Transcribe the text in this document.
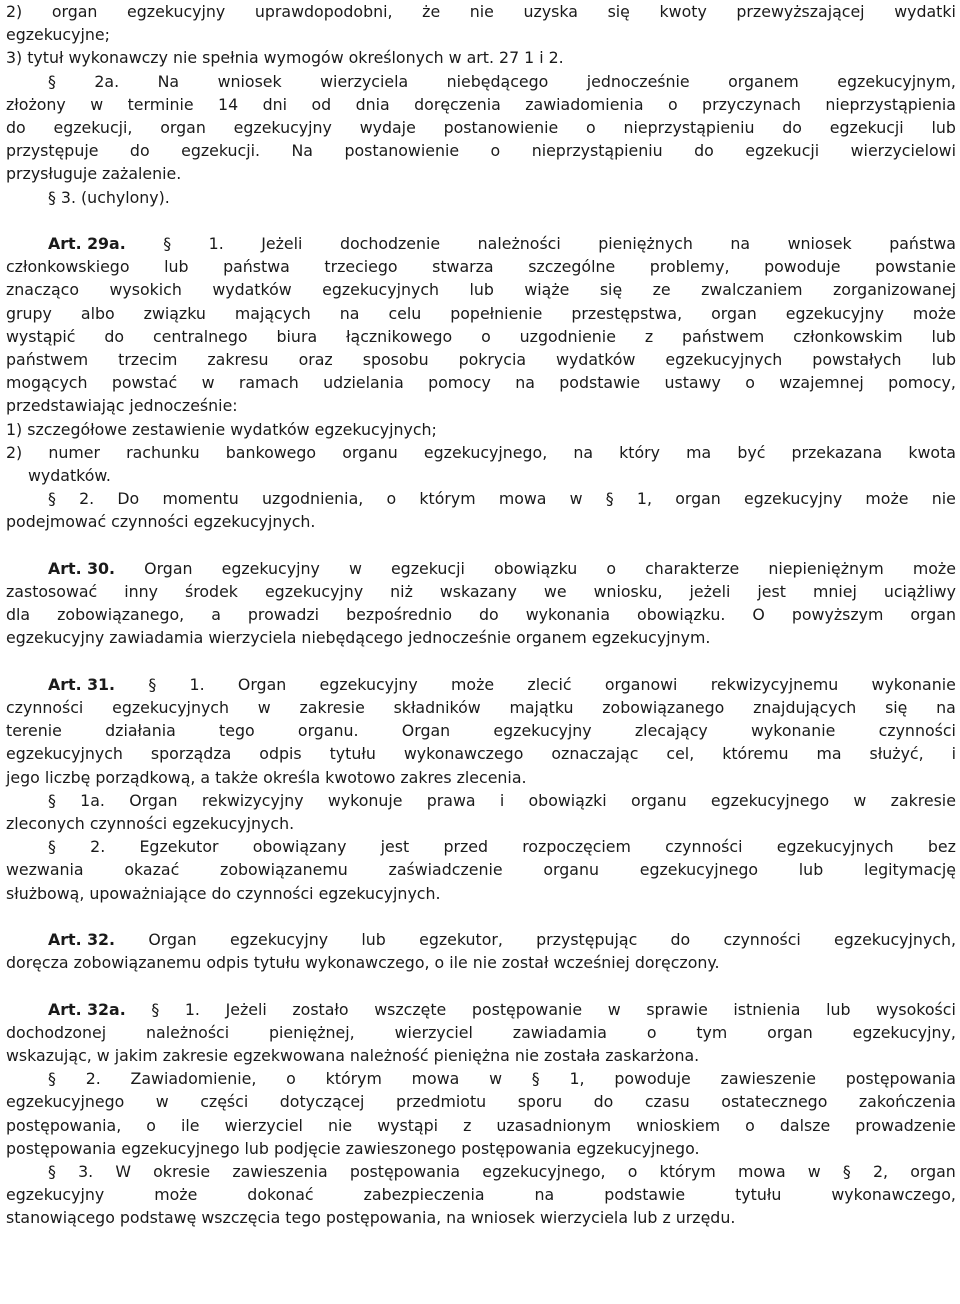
2) organ egzekucyjny uprawdopodobni, że nie uzyska się kwoty przewyższającej wydatki
egzekucyjne;
3) tytuł wykonawczy nie spełnia wymogów określonych w art. 27 1 i 2.
§ 2a. Na wniosek wierzyciela niebędącego jednocześnie organem egzekucyjnym,
złożony w terminie 14 dni od dnia doręczenia zawiadomienia o przyczynach nieprzystąpienia
do egzekucji, organ egzekucyjny wydaje postanowienie o nieprzystąpieniu do egzekucji lub
przystępuje do egzekucji. Na postanowienie o nieprzystąpieniu do egzekucji wierzycielowi
przysługuje zażalenie.
§ 3. (uchylony).
Art. 29a. § 1. Jeżeli dochodzenie należności pieniężnych na wniosek państwa
członkowskiego lub państwa trzeciego stwarza szczególne problemy, powoduje powstanie
znacząco wysokich wydatków egzekucyjnych lub wiąże się ze zwalczaniem zorganizowanej
grupy albo związku mających na celu popełnienie przestępstwa, organ egzekucyjny może
wystąpić do centralnego biura łącznikowego o uzgodnienie z państwem członkowskim lub
państwem trzecim zakresu oraz sposobu pokrycia wydatków egzekucyjnych powstałych lub
mogących powstać w ramach udzielania pomocy na podstawie ustawy o wzajemnej pomocy,
przedstawiając jednocześnie:
1) szczegółowe zestawienie wydatków egzekucyjnych;
2) numer rachunku bankowego organu egzekucyjnego, na który ma być przekazana kwota
wydatków.
§ 2. Do momentu uzgodnienia, o którym mowa w § 1, organ egzekucyjny może nie
podejmować czynności egzekucyjnych.
Art. 30. Organ egzekucyjny w egzekucji obowiązku o charakterze niepieniężnym może
zastosować inny środek egzekucyjny niż wskazany we wniosku, jeżeli jest mniej uciążliwy
dla zobowiązanego, a prowadzi bezpośrednio do wykonania obowiązku. O powyższym organ
egzekucyjny zawiadamia wierzyciela niebędącego jednocześnie organem egzekucyjnym.
Art. 31. § 1. Organ egzekucyjny może zlecić organowi rekwizycyjnemu wykonanie
czynności egzekucyjnych w zakresie składników majątku zobowiązanego znajdujących się na
terenie	działania	tego	organu.	Organ	egzekucyjny	zlecający	wykonanie	czynności
egzekucyjnych sporządza odpis tytułu wykonawczego oznaczając cel, któremu ma służyć, i
jego liczbę porządkową, a także określa kwotowo zakres zlecenia.
§ 1a. Organ rekwizycyjny wykonuje prawa i obowiązki organu egzekucyjnego w zakresie
zleconych czynności egzekucyjnych.
§ 2. Egzekutor obowiązany jest przed rozpoczęciem czynności egzekucyjnych bez
wezwania	okazać	zobowiązanemu	zaświadczenie	organu	egzekucyjnego	lub	legitymację
służbową, upoważniające do czynności egzekucyjnych.
Art. 32. Organ egzekucyjny lub egzekutor, przystępując do czynności egzekucyjnych,
doręcza zobowiązanemu odpis tytułu wykonawczego, o ile nie został wcześniej doręczony.
Art. 32a. § 1. Jeżeli zostało wszczęte postępowanie w sprawie istnienia lub wysokości
dochodzonej	należności	pieniężnej,	wierzyciel	zawiadamia	o	tym	organ	egzekucyjny,
wskazując, w jakim zakresie egzekwowana należność pieniężna nie została zaskarżona.
§ 2. Zawiadomienie, o którym mowa w § 1, powoduje zawieszenie postępowania
egzekucyjnego w części dotyczącej przedmiotu sporu do czasu ostatecznego zakończenia
postępowania, o ile wierzyciel nie wystąpi z uzasadnionym wnioskiem o dalsze prowadzenie
postępowania egzekucyjnego lub podjęcie zawieszonego postępowania egzekucyjnego.
§ 3. W okresie zawieszenia postępowania egzekucyjnego, o którym mowa w § 2, organ
egzekucyjny	może	dokonać	zabezpieczenia	na	podstawie	tytułu	wykonawczego,
stanowiącego podstawę wszczęcia tego postępowania, na wniosek wierzyciela lub z urzędu.
